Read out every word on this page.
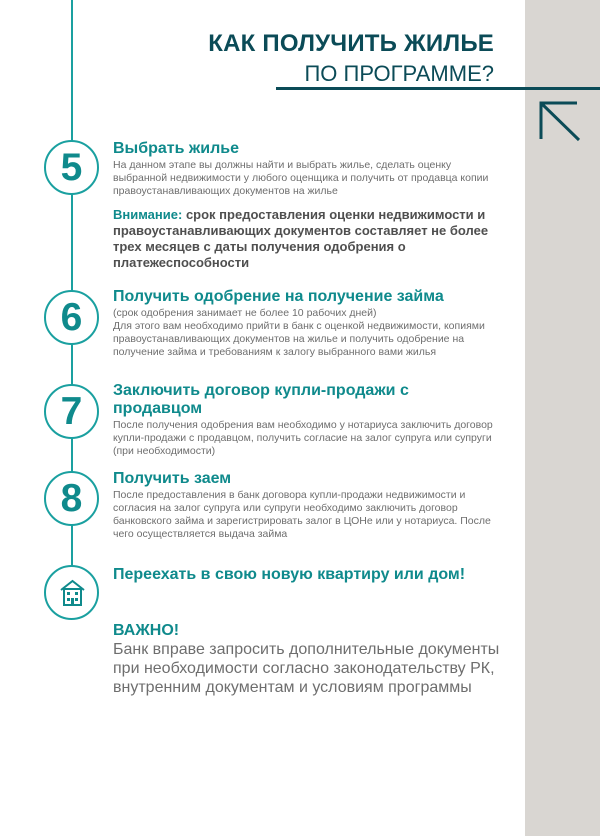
КАК ПОЛУЧИТЬ ЖИЛЬЕ
ПО ПРОГРАММЕ?
5	Выбрать жилье
На данном этапе вы должны найти и выбрать жилье, сделать оценку выбранной недвижимости у любого оценщика и получить от продавца копии правоустанавливающих документов на жилье
Внимание: срок предоставления оценки недвижимости и правоустанавливающих документов составляет не более трех месяцев с даты получения одобрения о платежеспособности
6	Получить одобрение на получение займа
(срок одобрения занимает не более 10 рабочих дней)
Для этого вам необходимо прийти в банк с оценкой недвижимости, копиями правоустанавливающих документов на жилье и получить одобрение на получение займа и требованиям к залогу выбранного вами жилья
7	Заключить договор купли-продажи с продавцом
После получения одобрения вам необходимо у нотариуса заключить договор купли-продажи с продавцом, получить согласие на залог супруга или супруги (при необходимости)
8	Получить заем
После предоставления в банк договора купли-продажи недвижимости и согласия на залог супруга или супруги необходимо заключить договор банковского займа и зарегистрировать залог в ЦОНе или у нотариуса. После чего осуществляется выдача займа
Переехать в свою новую квартиру или дом!
ВАЖНО!
Банк вправе запросить дополнительные документы при необходимости согласно законодательству РК, внутренним документам и условиям программы
